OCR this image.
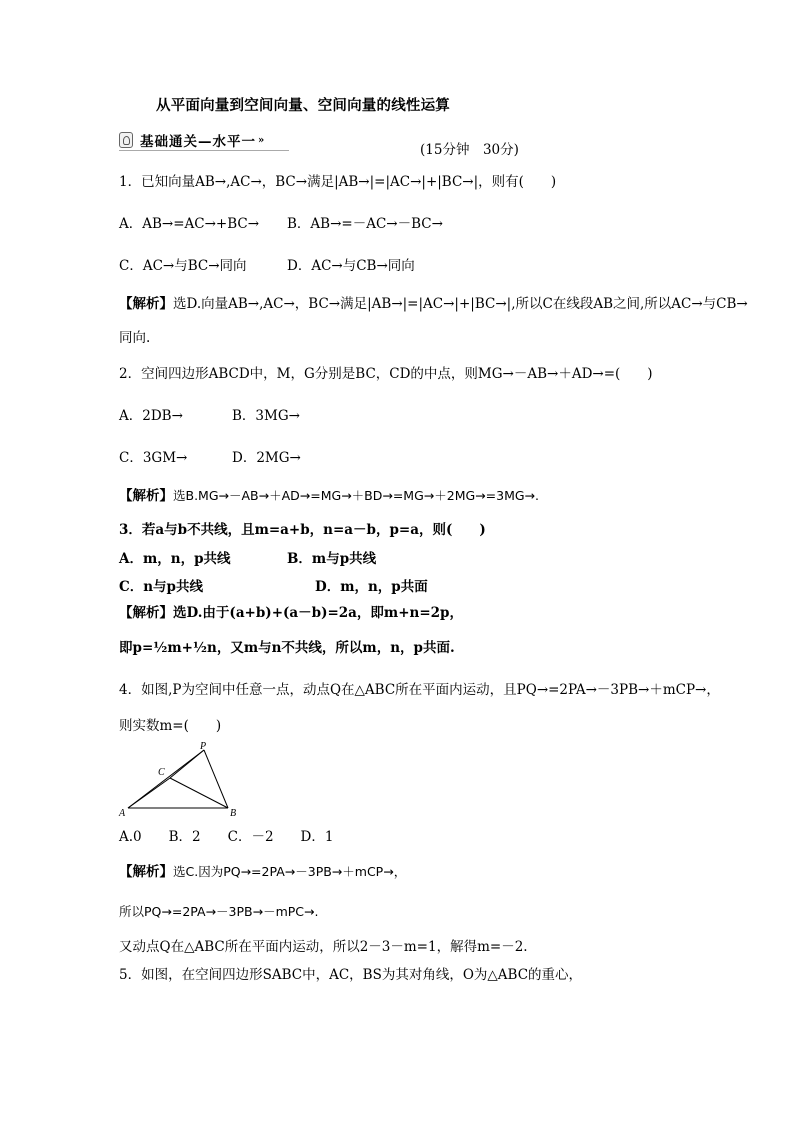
从平面向量到空间向量、空间向量的线性运算
基础通关—水平一 »
(15分钟　30分)
1．已知向量AB→,AC→，BC→满足|AB→|=|AC→|+|BC→|，则有(　　)
A．AB→=AC→+BC→ B．AB→=－AC→－BC→
C．AC→与BC→同向	D．AC→与CB→同向
【解析】选D.向量AB→,AC→，BC→满足|AB→|=|AC→|+|BC→|,所以C在线段AB之间,所以AC→与CB→
同向.
2．空间四边形ABCD中，M，G分别是BC，CD的中点，则MG→－AB→＋AD→=(　　)
A．2DB→	B．3MG→
C．3GM→	D．2MG→
【解析】选B.MG→－AB→＋AD→=MG→＋BD→=MG→＋2MG→=3MG→.
3．若a与b不共线，且m=a+b，n=a－b，p=a，则(　　)
A．m，n，p共线	B．m与p共线
C．n与p共线	D．m，n，p共面
【解析】选D.由于(a+b)+(a－b)=2a，即m+n=2p，
即p=½m+½n，又m与n不共线，所以m，n，p共面.
4．如图,P为空间中任意一点，动点Q在△ABC所在平面内运动，且PQ→=2PA→－3PB→＋mCP→，
则实数m=(　　)
P
C
A	B
A.0　　B．2　　C．－2　　D．1
【解析】选C.因为PQ→=2PA→－3PB→＋mCP→，
所以PQ→=2PA→－3PB→－mPC→.
又动点Q在△ABC所在平面内运动，所以2－3－m=1，解得m=－2.
5．如图，在空间四边形SABC中，AC，BS为其对角线，O为△ABC的重心，
